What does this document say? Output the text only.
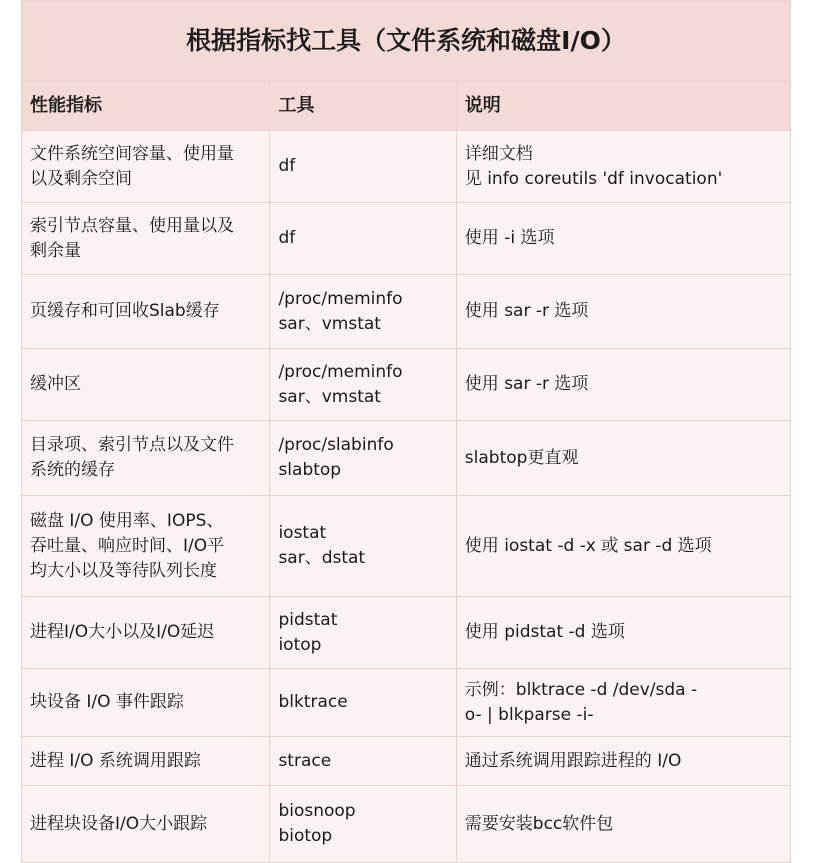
根据指标找工具（文件系统和磁盘I/O）		
性能指标	工具	说明

文件系统空间容量、使用量
以及剩余空间	df	详细文档
见 info coreutils 'df invocation'

索引节点容量、使用量以及
剩余量	df	使用 -i 选项

页缓存和可回收Slab缓存	/proc/meminfo
sar、vmstat	使用 sar -r 选项

缓冲区	/proc/meminfo
sar、vmstat	使用 sar -r 选项

目录项、索引节点以及文件
系统的缓存	/proc/slabinfo
slabtop	slabtop更直观

磁盘 I/O 使用率、IOPS、
吞吐量、响应时间、I/O平
均大小以及等待队列长度	iostat
sar、dstat	使用 iostat -d -x 或 sar -d 选项

进程I/O大小以及I/O延迟	pidstat
iotop	使用 pidstat -d 选项

块设备 I/O 事件跟踪	blktrace	示例：blktrace -d /dev/sda -
o- | blkparse -i-

进程 I/O 系统调用跟踪	strace	通过系统调用跟踪进程的 I/O

进程块设备I/O大小跟踪	biosnoop
biotop	需要安装bcc软件包
